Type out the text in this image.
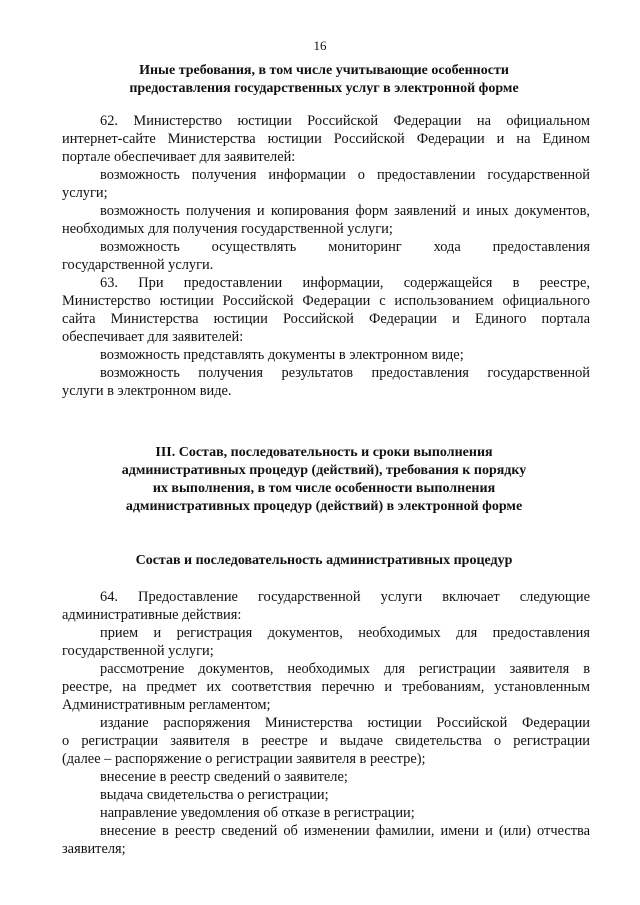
16
Иные требования, в том числе учитывающие особенности
предоставления государственных услуг в электронной форме
62. Министерство юстиции Российской Федерации на официальном
интернет-сайте Министерства юстиции Российской Федерации и на Едином
портале обеспечивает для заявителей:
возможность получения информации о предоставлении государственной
услуги;
возможность получения и копирования форм заявлений и иных документов,
необходимых для получения государственной услуги;
возможность осуществлять мониторинг хода предоставления
государственной услуги.
63. При предоставлении информации, содержащейся в реестре,
Министерство юстиции Российской Федерации с использованием официального
сайта Министерства юстиции Российской Федерации и Единого портала
обеспечивает для заявителей:
возможность представлять документы в электронном виде;
возможность получения результатов предоставления государственной
услуги в электронном виде.
III. Состав, последовательность и сроки выполнения
административных процедур (действий), требования к порядку
их выполнения, в том числе особенности выполнения
административных процедур (действий) в электронной форме
Состав и последовательность административных процедур
64. Предоставление государственной услуги включает следующие
административные действия:
прием и регистрация документов, необходимых для предоставления
государственной услуги;
рассмотрение документов, необходимых для регистрации заявителя в
реестре, на предмет их соответствия перечню и требованиям, установленным
Административным регламентом;
издание распоряжения Министерства юстиции Российской Федерации
о регистрации заявителя в реестре и выдаче свидетельства о регистрации
(далее – распоряжение о регистрации заявителя в реестре);
внесение в реестр сведений о заявителе;
выдача свидетельства о регистрации;
направление уведомления об отказе в регистрации;
внесение в реестр сведений об изменении фамилии, имени и (или) отчества
заявителя;
